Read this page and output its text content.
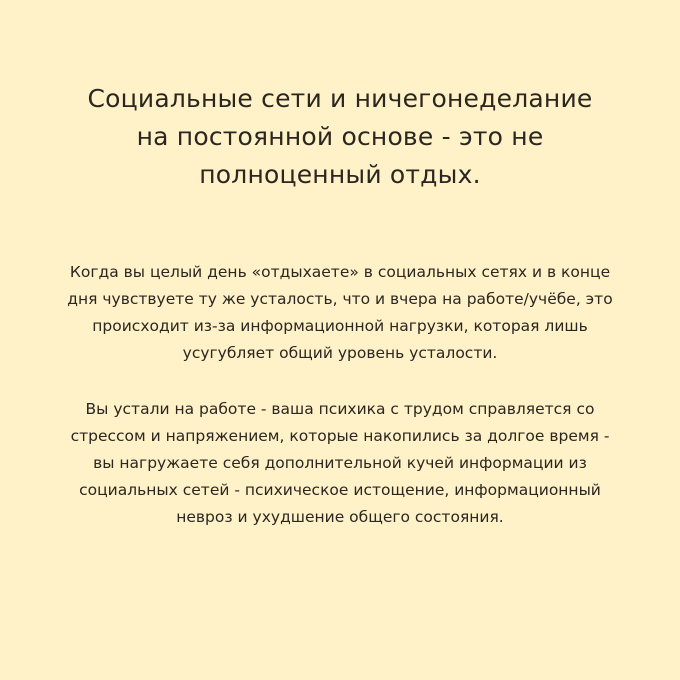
Социальные сети и ничегонеделание
на постоянной основе - это не
полноценный отдых.

Когда вы целый день «отдыхаете» в социальных сетях и в конце
дня чувствуете ту же усталость, что и вчера на работе/учёбе, это
происходит из-за информационной нагрузки, которая лишь
усугубляет общий уровень усталости.

Вы устали на работе - ваша психика с трудом справляется со
стрессом и напряжением, которые накопились за долгое время -
вы нагружаете себя дополнительной кучей информации из
социальных сетей - психическое истощение, информационный
невроз и ухудшение общего состояния.
